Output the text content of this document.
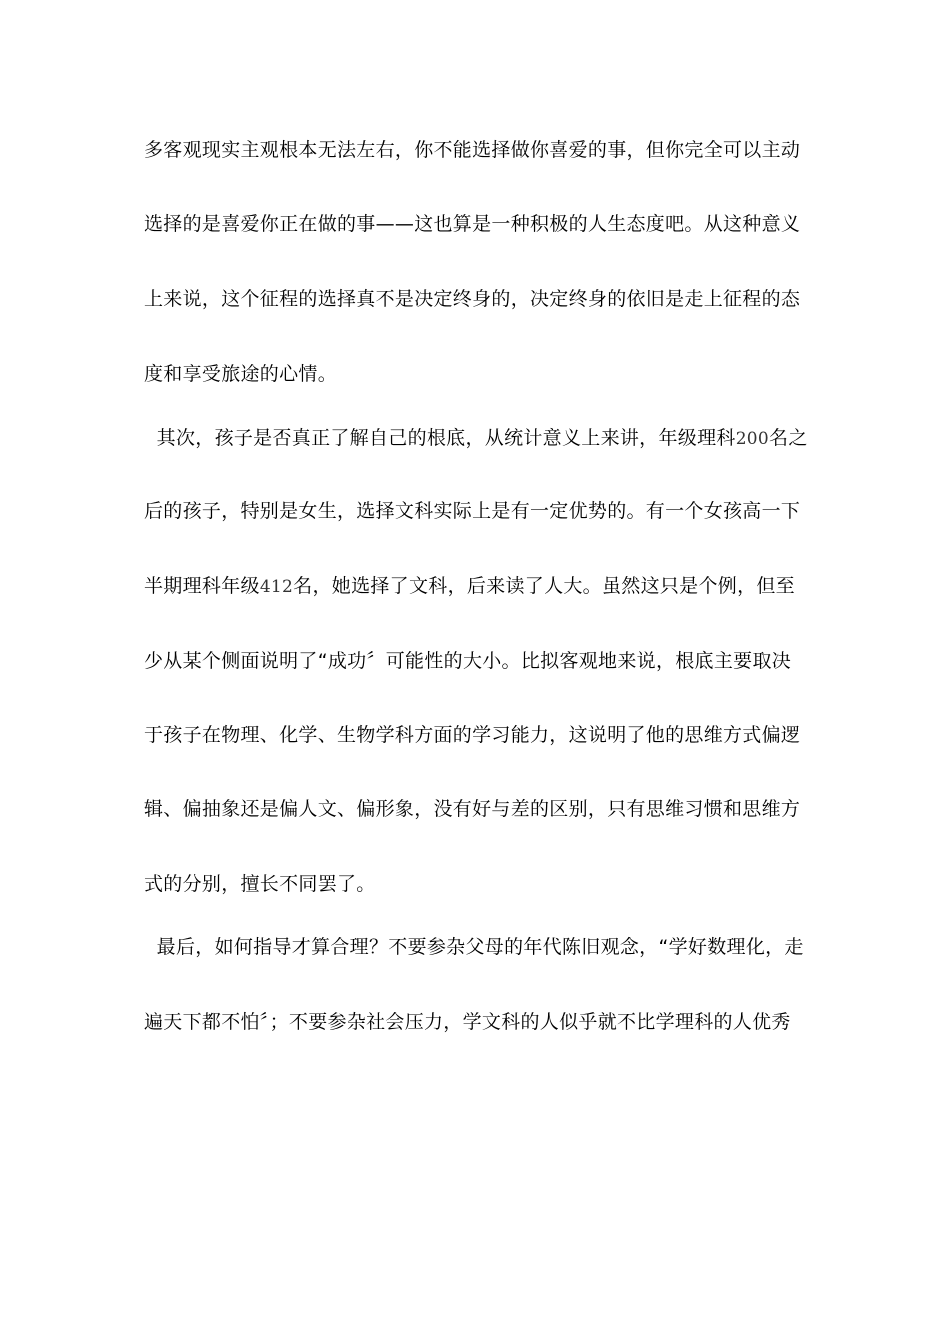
多客观现实主观根本无法左右，你不能选择做你喜爱的事，但你完全可以主动
选择的是喜爱你正在做的事——这也算是一种积极的人生态度吧。从这种意义
上来说，这个征程的选择真不是决定终身的，决定终身的依旧是走上征程的态
度和享受旅途的心情。
其次，孩子是否真正了解自己的根底，从统计意义上来讲，年级理科200名之
后的孩子，特别是女生，选择文科实际上是有一定优势的。有一个女孩高一下
半期理科年级412名，她选择了文科，后来读了人大。虽然这只是个例，但至
少从某个侧面说明了“成功〞可能性的大小。比拟客观地来说，根底主要取决
于孩子在物理、化学、生物学科方面的学习能力，这说明了他的思维方式偏逻
辑、偏抽象还是偏人文、偏形象，没有好与差的区别，只有思维习惯和思维方
式的分别，擅长不同罢了。
最后，如何指导才算合理？不要参杂父母的年代陈旧观念，“学好数理化，走
遍天下都不怕〞；不要参杂社会压力，学文科的人似乎就不比学理科的人优秀
